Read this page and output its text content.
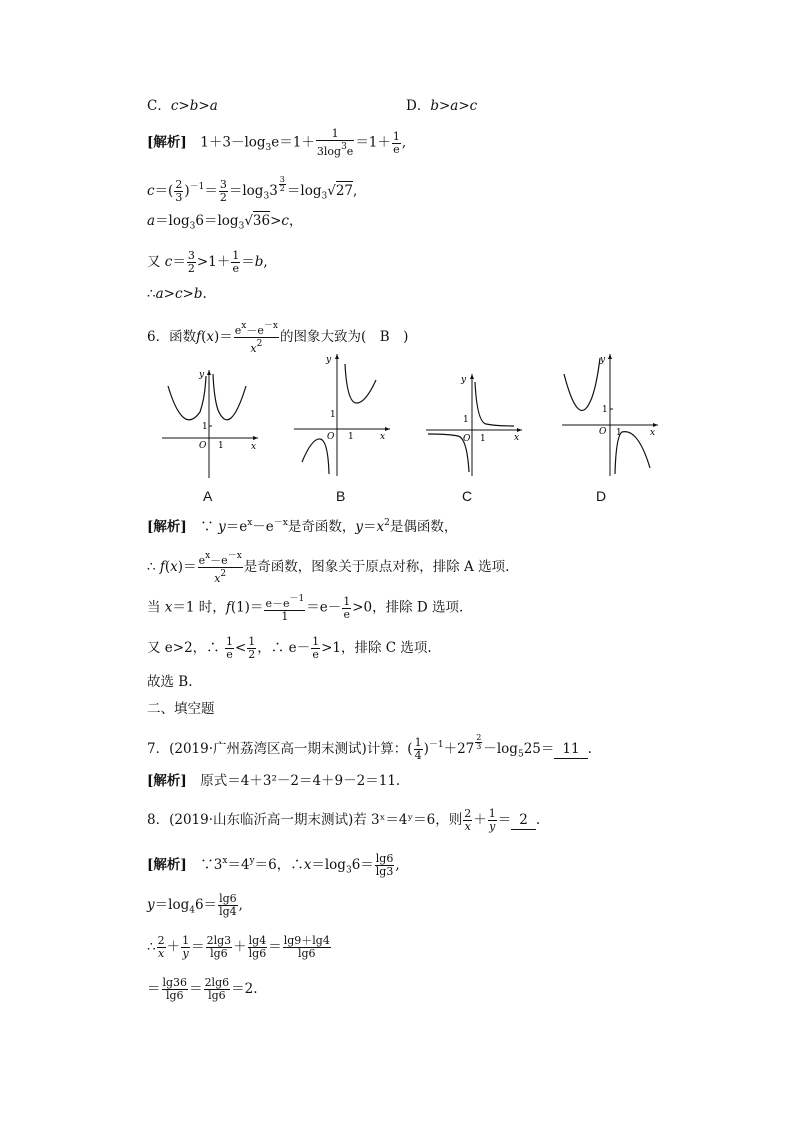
C．c>b>a	D．b>a>c
[解析]　$1+3-\log_3e=1+ \frac{1}{3\log^3e} =1+ \frac{1}{e}$ ,
$c=( \frac{2}{3} )^{-1}= \frac{3}{2} =\log_33$ $^{\frac{3}{2}} =\log_3√27$,
$a=\log_36=\log_3√36>c$，
又 $c= \frac{3}{2} >1+ \frac{1}{e} =b$,
∴a>c>b.
6．函数$f(x)= \frac{e^x-e^{-x}}{x^2}$ 的图象大致为(　B　)
y
x
O 1
1
y
x
O 1
1
y
x
O 1
1
y
x
O 1
1
A	B	C	D
[解析]　∵ $y=e^x-e^{-x}$是奇函数，$y=x^2$是偶函数，
∴ $f(x)= \frac{e^x-e^{-x}}{x^2}$ 是奇函数，图象关于原点对称，排除 A 选项.
当 x＝1 时，$f(1)= \frac{e-e^{-1}}{1} =e- \frac{1}{e} >0$，排除 D 选项.
又 e>2，∴ $\frac{1}{e} < \frac{1}{2}$ ，∴ $e- \frac{1}{e} >1$，排除 C 选项.
故选 B.
二、填空题
7．(2019·广州荔湾区高一期末测试)计算：( $\frac{1}{4} )^{-1}+27$ $^{\frac{2}{3}} -\log_525= 11$ .
[解析]　 原式＝4＋3²－2＝4＋9－2＝11.
8．(2019·山东临沂高一期末测试)若 3ˣ＝4ʸ＝6，则 $\frac{2}{x} + \frac{1}{y} = 2$ .
[解析]　$\because 3^x=4^y=6$，$\therefore x=\log_36= \frac{\lg 6}{\lg 3}$ ,
$y=\log_46= \frac{\lg 6}{\lg 4}$ ,
∴ $\frac{2}{x} + \frac{1}{y} = \frac{2\lg 3}{\lg 6} + \frac{\lg 4}{\lg 6} = \frac{\lg 9+\lg 4}{\lg 6}$
＝ $\frac{\lg 36}{\lg 6} = \frac{2\lg 6}{\lg 6} =2$.
